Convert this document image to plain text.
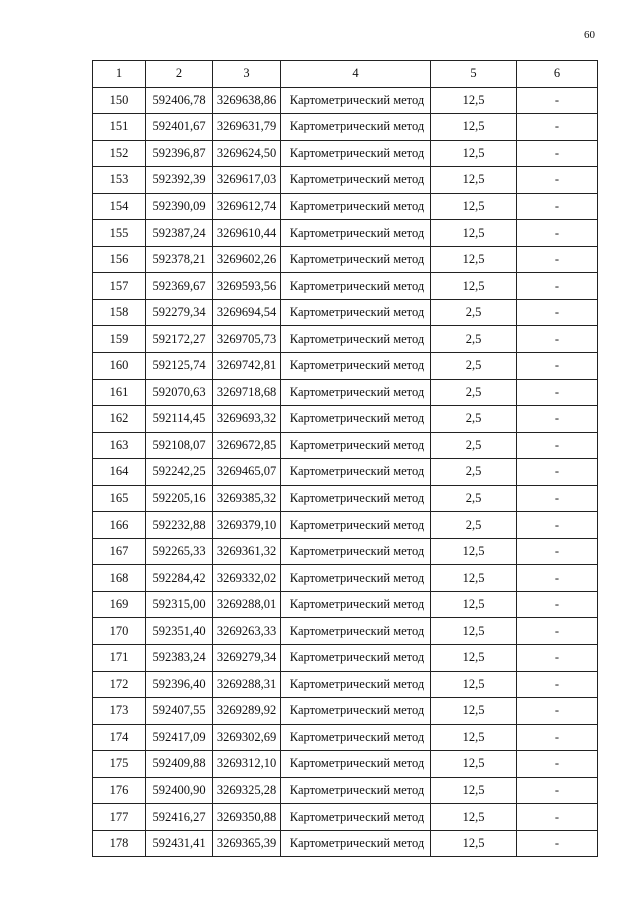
60
1	2	3	4	5	6
150	592406,78	3269638,86	Картометрический метод	12,5	-
151	592401,67	3269631,79	Картометрический метод	12,5	-
152	592396,87	3269624,50	Картометрический метод	12,5	-
153	592392,39	3269617,03	Картометрический метод	12,5	-
154	592390,09	3269612,74	Картометрический метод	12,5	-
155	592387,24	3269610,44	Картометрический метод	12,5	-
156	592378,21	3269602,26	Картометрический метод	12,5	-
157	592369,67	3269593,56	Картометрический метод	12,5	-
158	592279,34	3269694,54	Картометрический метод	2,5	-
159	592172,27	3269705,73	Картометрический метод	2,5	-
160	592125,74	3269742,81	Картометрический метод	2,5	-
161	592070,63	3269718,68	Картометрический метод	2,5	-
162	592114,45	3269693,32	Картометрический метод	2,5	-
163	592108,07	3269672,85	Картометрический метод	2,5	-
164	592242,25	3269465,07	Картометрический метод	2,5	-
165	592205,16	3269385,32	Картометрический метод	2,5	-
166	592232,88	3269379,10	Картометрический метод	2,5	-
167	592265,33	3269361,32	Картометрический метод	12,5	-
168	592284,42	3269332,02	Картометрический метод	12,5	-
169	592315,00	3269288,01	Картометрический метод	12,5	-
170	592351,40	3269263,33	Картометрический метод	12,5	-
171	592383,24	3269279,34	Картометрический метод	12,5	-
172	592396,40	3269288,31	Картометрический метод	12,5	-
173	592407,55	3269289,92	Картометрический метод	12,5	-
174	592417,09	3269302,69	Картометрический метод	12,5	-
175	592409,88	3269312,10	Картометрический метод	12,5	-
176	592400,90	3269325,28	Картометрический метод	12,5	-
177	592416,27	3269350,88	Картометрический метод	12,5	-
178	592431,41	3269365,39	Картометрический метод	12,5	-
